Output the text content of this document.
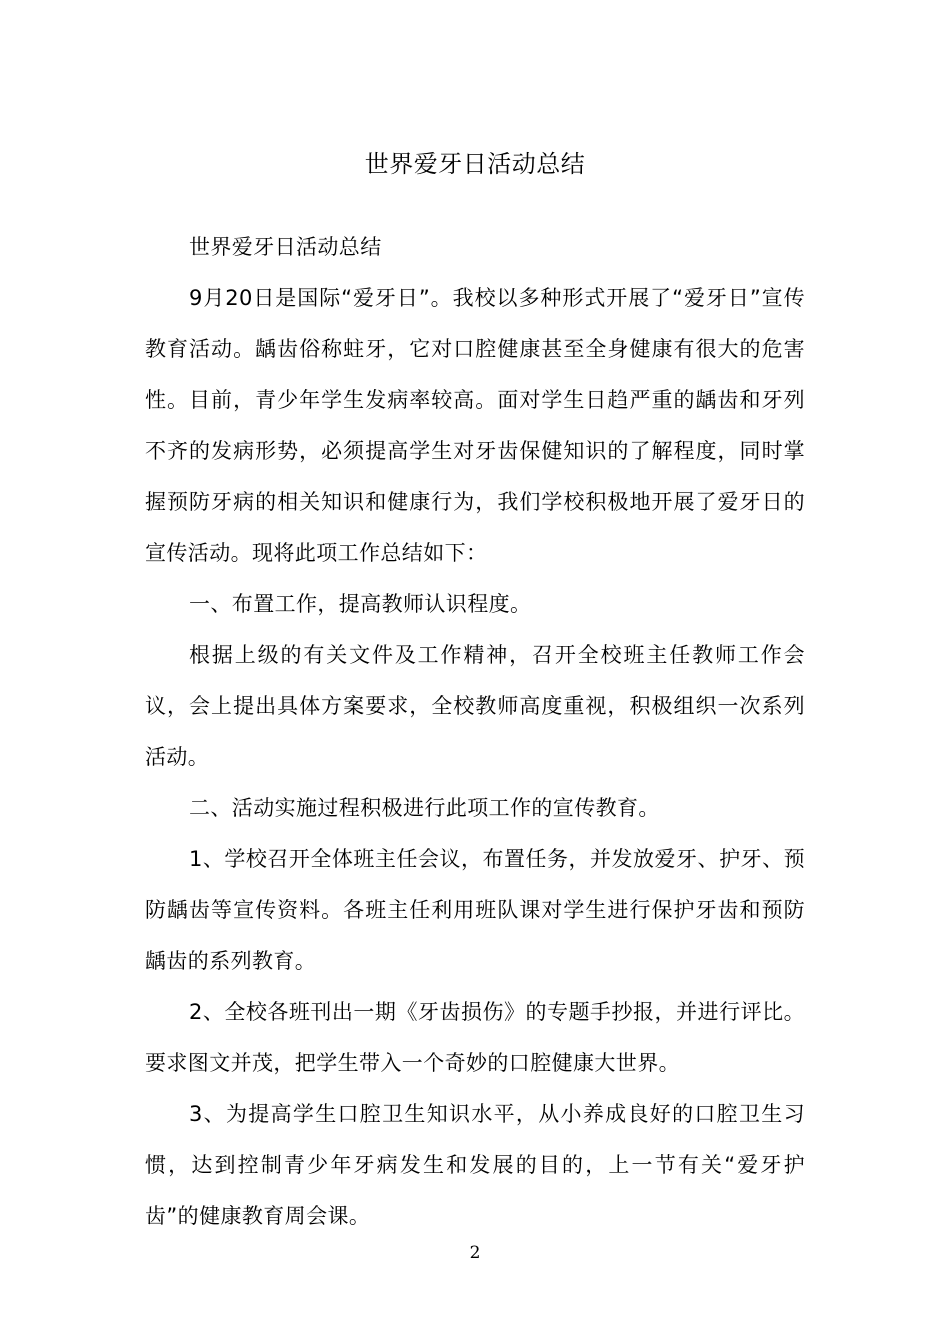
世界爱牙日活动总结

世界爱牙日活动总结

9月20日是国际“爱牙日”。我校以多种形式开展了“爱牙日”宣传教育活动。龋齿俗称蛀牙，它对口腔健康甚至全身健康有很大的危害性。目前，青少年学生发病率较高。面对学生日趋严重的龋齿和牙列不齐的发病形势，必须提高学生对牙齿保健知识的了解程度，同时掌握预防牙病的相关知识和健康行为，我们学校积极地开展了爱牙日的宣传活动。现将此项工作总结如下：

一、布置工作，提高教师认识程度。

根据上级的有关文件及工作精神，召开全校班主任教师工作会议，会上提出具体方案要求，全校教师高度重视，积极组织一次系列活动。

二、活动实施过程积极进行此项工作的宣传教育。

1、学校召开全体班主任会议，布置任务，并发放爱牙、护牙、预防龋齿等宣传资料。各班主任利用班队课对学生进行保护牙齿和预防龋齿的系列教育。

2、全校各班刊出一期《牙齿损伤》的专题手抄报，并进行评比。要求图文并茂，把学生带入一个奇妙的口腔健康大世界。

3、为提高学生口腔卫生知识水平，从小养成良好的口腔卫生习惯，达到控制青少年牙病发生和发展的目的，上一节有关“爱牙护齿”的健康教育周会课。

2
